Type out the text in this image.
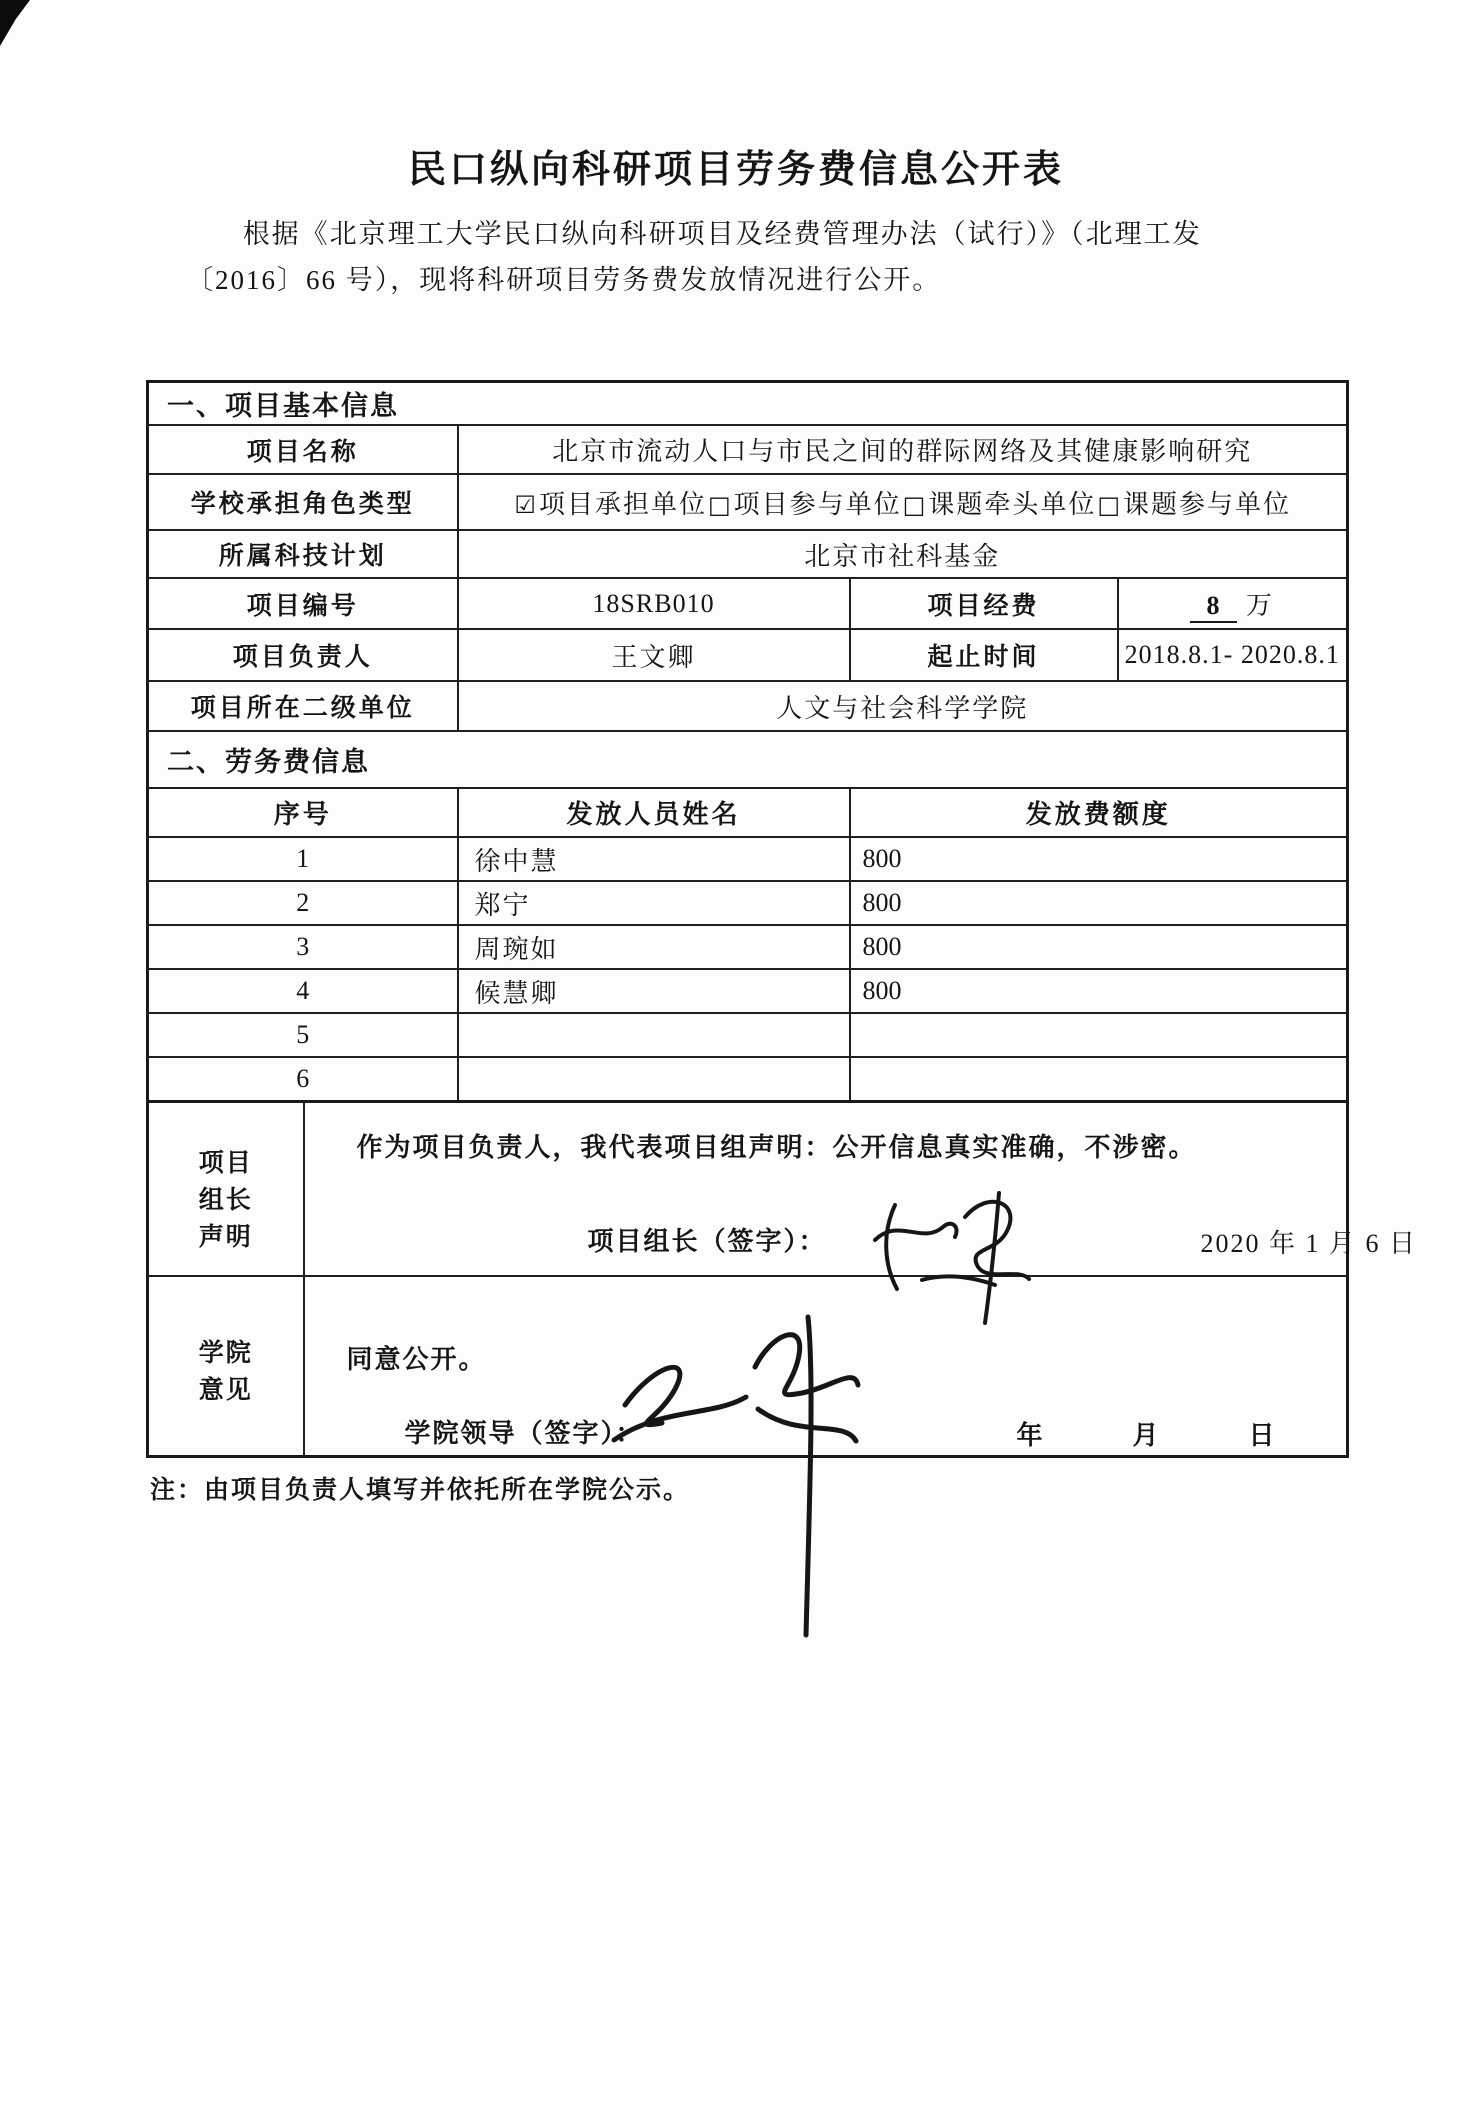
民口纵向科研项目劳务费信息公开表

根据《北京理工大学民口纵向科研项目及经费管理办法（试行）》（北理工发
〔2016〕66 号），现将科研项目劳务费发放情况进行公开。

一、项目基本信息			
项目名称	北京市流动人口与市民之间的群际网络及其健康影响研究		
学校承担角色类型	☑项目承担单位□项目参与单位□课题牵头单位□课题参与单位		
所属科技计划	北京市社科基金		
项目编号	18SRB010	项目经费	8 万
项目负责人	王文卿	起止时间	2018.8.1- 2020.8.1
项目所在二级单位	人文与社会科学学院		
二、劳务费信息			
序号	发放人员姓名	发放费额度	
1	徐中慧	800	
2	郑宁	800	
3	周琬如	800	
4	候慧卿	800	
5			
6			
项目
组长
声明	作为项目负责人，我代表项目组声明：公开信息真实准确，不涉密。
项目组长（签字）： 2020 年 1 月 6 日

学院
意见	同意公开。
学院领导（签字）： 年 月 日

注：由项目负责人填写并依托所在学院公示。
